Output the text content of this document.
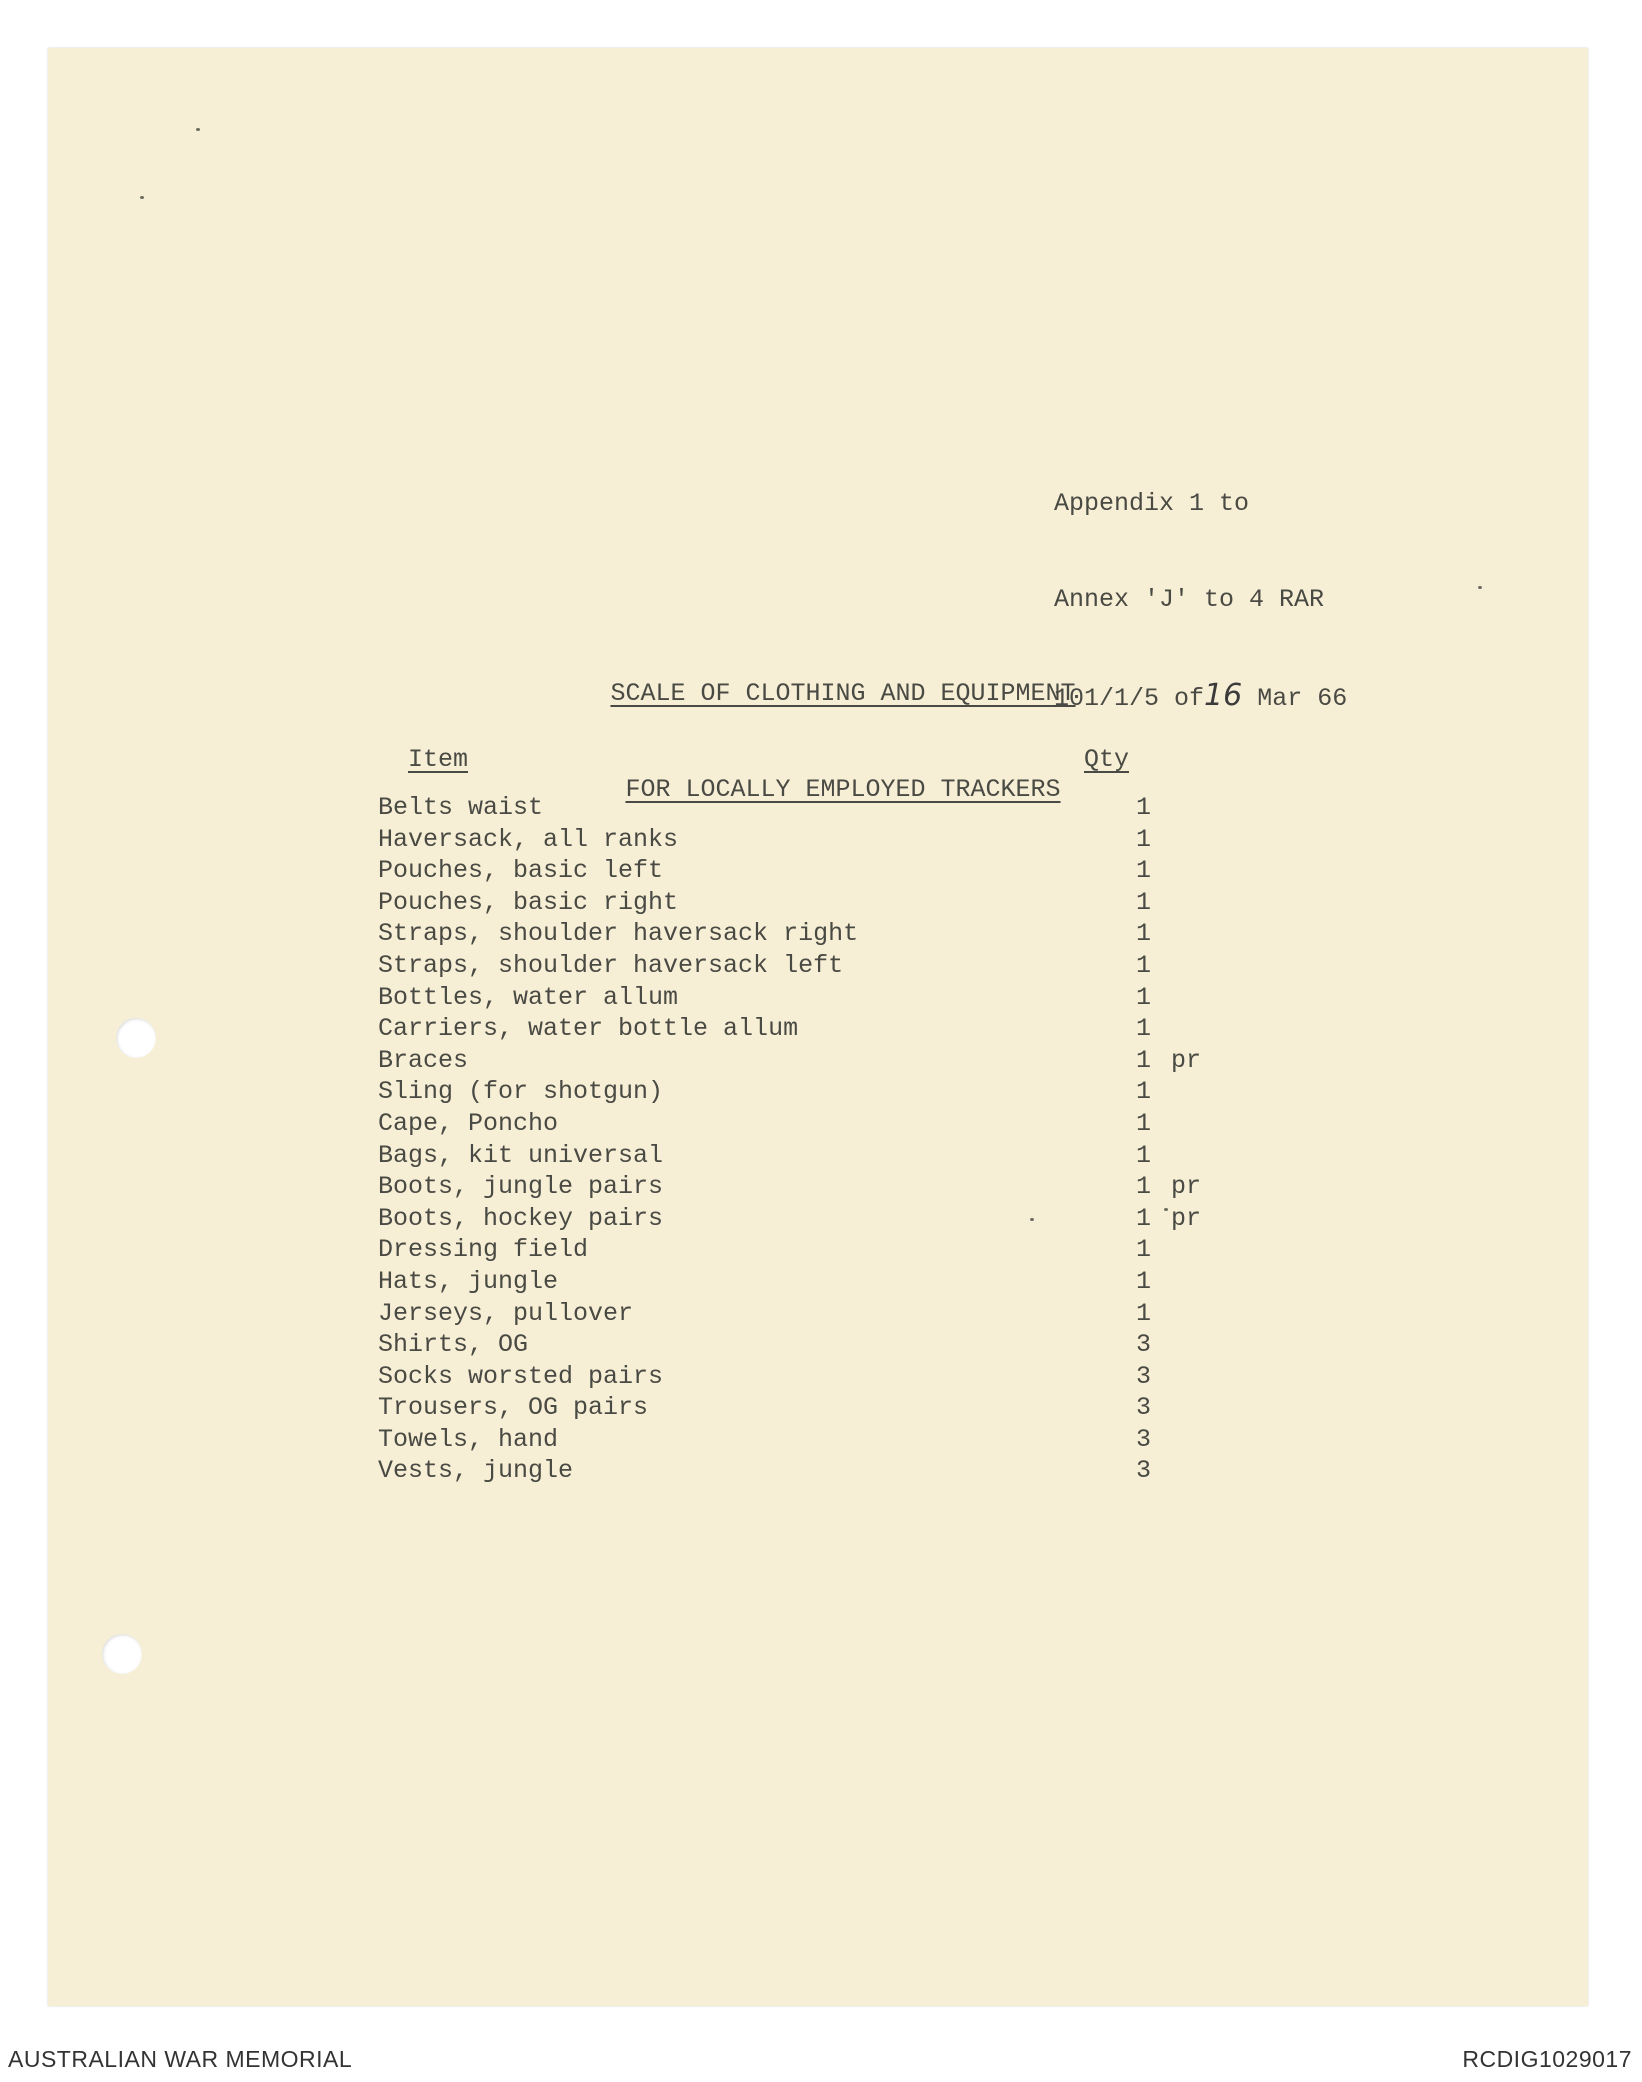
Appendix 1 to

Annex 'J' to 4 RAR

101/1/5 of16 Mar 66

SCALE OF CLOTHING AND EQUIPMENT

FOR LOCALLY EMPLOYED TRACKERS

Item	Qty
Belts waist	1
Haversack, all ranks	1
Pouches, basic left	1
Pouches, basic right	1
Straps, shoulder haversack right	1
Straps, shoulder haversack left	1
Bottles, water allum	1
Carriers, water bottle allum	1
Braces	1 pr
Sling (for shotgun)	1
Cape, Poncho	1
Bags, kit universal	1
Boots, jungle pairs	1 pr
Boots, hockey pairs	1 pr
Dressing field	1
Hats, jungle	1
Jerseys, pullover	1
Shirts, OG	3
Socks worsted pairs	3
Trousers, OG pairs	3
Towels, hand	3
Vests, jungle	3
AUSTRALIAN WAR MEMORIAL	RCDIG1029017
